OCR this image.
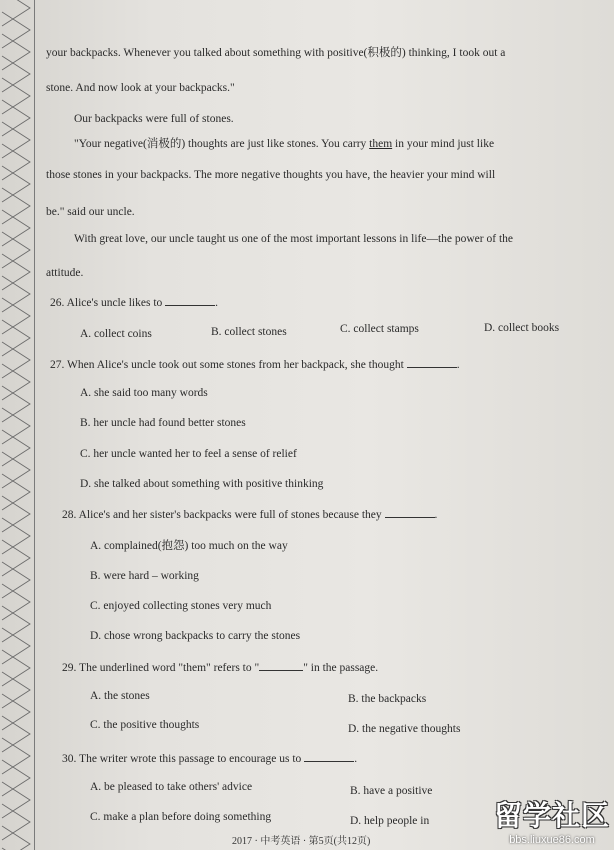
your backpacks. Whenever you talked about something with positive(积极的) thinking, I took out a
stone. And now look at your backpacks."
Our backpacks were full of stones.
"Your negative(消极的) thoughts are just like stones. You carry them in your mind just like
those stones in your backpacks. The more negative thoughts you have, the heavier your mind will
be." said our uncle.
With great love, our uncle taught us one of the most important lessons in life—the power of the
attitude.
26. Alice's uncle likes to	.
A. collect coins	B. collect stones	C. collect stamps	D. collect books
27. When Alice's uncle took out some stones from her backpack, she thought	.
A. she said too many words
B. her uncle had found better stones
C. her uncle wanted her to feel a sense of relief
D. she talked about something with positive thinking
28. Alice's and her sister's backpacks were full of stones because they	.
A. complained(抱怨) too much on the way
B. were hard – working
C. enjoyed collecting stones very much
D. chose wrong backpacks to carry the stones
29. The underlined word "them" refers to "	" in the passage.
A. the stones	B. the backpacks
C. the positive thoughts	D. the negative thoughts
30. The writer wrote this passage to encourage us to	.
A. be pleased to take others' advice	B. have a positive
C. make a plan before doing something	D. help people in
2017 · 中考英语 · 第5页(共12页)
留学社区
bbs.liuxue86.com
